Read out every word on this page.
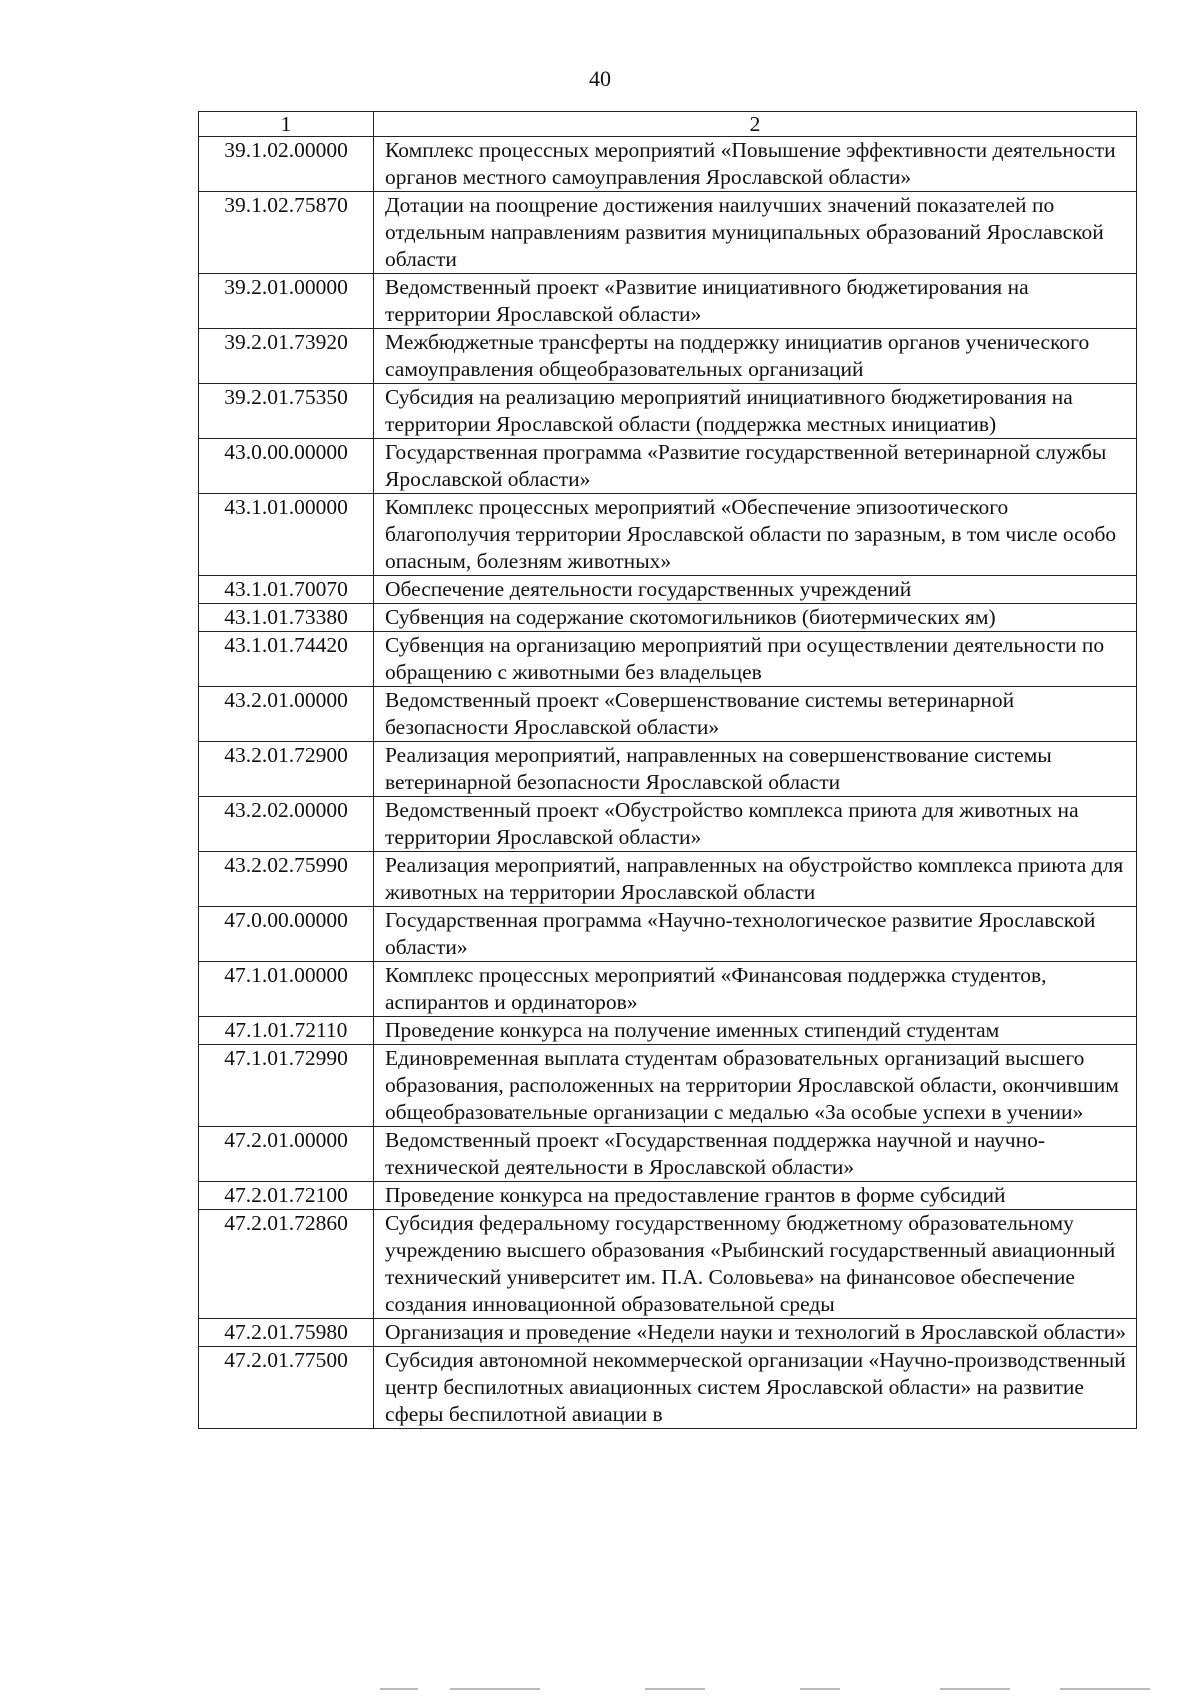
40
1	2
39.1.02.00000	Комплекс процессных мероприятий «Повышение эффективности деятельности органов местного самоуправления Ярославской области»
39.1.02.75870	Дотации на поощрение достижения наилучших значений показателей по отдельным направлениям развития муниципальных образований Ярославской области
39.2.01.00000	Ведомственный проект «Развитие инициативного бюджетирования на территории Ярославской области»
39.2.01.73920	Межбюджетные трансферты на поддержку инициатив органов ученического самоуправления общеобразовательных организаций
39.2.01.75350	Субсидия на реализацию мероприятий инициативного бюджетирования на территории Ярославской области (поддержка местных инициатив)
43.0.00.00000	Государственная программа «Развитие государственной ветеринарной службы Ярославской области»
43.1.01.00000	Комплекс процессных мероприятий «Обеспечение эпизоотического благополучия территории Ярославской области по заразным, в том числе особо опасным, болезням животных»
43.1.01.70070	Обеспечение деятельности государственных учреждений
43.1.01.73380	Субвенция на содержание скотомогильников (биотермических ям)
43.1.01.74420	Субвенция на организацию мероприятий при осуществлении деятельности по обращению с животными без владельцев
43.2.01.00000	Ведомственный проект «Совершенствование системы ветеринарной безопасности Ярославской области»
43.2.01.72900	Реализация мероприятий, направленных на совершенствование системы ветеринарной безопасности Ярославской области
43.2.02.00000	Ведомственный проект «Обустройство комплекса приюта для животных на территории Ярославской области»
43.2.02.75990	Реализация мероприятий, направленных на обустройство комплекса приюта для животных на территории Ярославской области
47.0.00.00000	Государственная программа «Научно-технологическое развитие Ярославской области»
47.1.01.00000	Комплекс процессных мероприятий «Финансовая поддержка студентов, аспирантов и ординаторов»
47.1.01.72110	Проведение конкурса на получение именных стипендий студентам
47.1.01.72990	Единовременная выплата студентам образовательных организаций высшего образования, расположенных на территории Ярославской области, окончившим общеобразовательные организации с медалью «За особые успехи в учении»
47.2.01.00000	Ведомственный проект «Государственная поддержка научной и научно-технической деятельности в Ярославской области»
47.2.01.72100	Проведение конкурса на предоставление грантов в форме субсидий
47.2.01.72860	Субсидия федеральному государственному бюджетному образовательному учреждению высшего образования «Рыбинский государственный авиационный технический университет им. П.А. Соловьева» на финансовое обеспечение создания инновационной образовательной среды
47.2.01.75980	Организация и проведение «Недели науки и технологий в Ярославской области»
47.2.01.77500	Субсидия автономной некоммерческой организации «Научно-производственный центр беспилотных авиационных систем Ярославской области» на развитие сферы беспилотной авиации в
